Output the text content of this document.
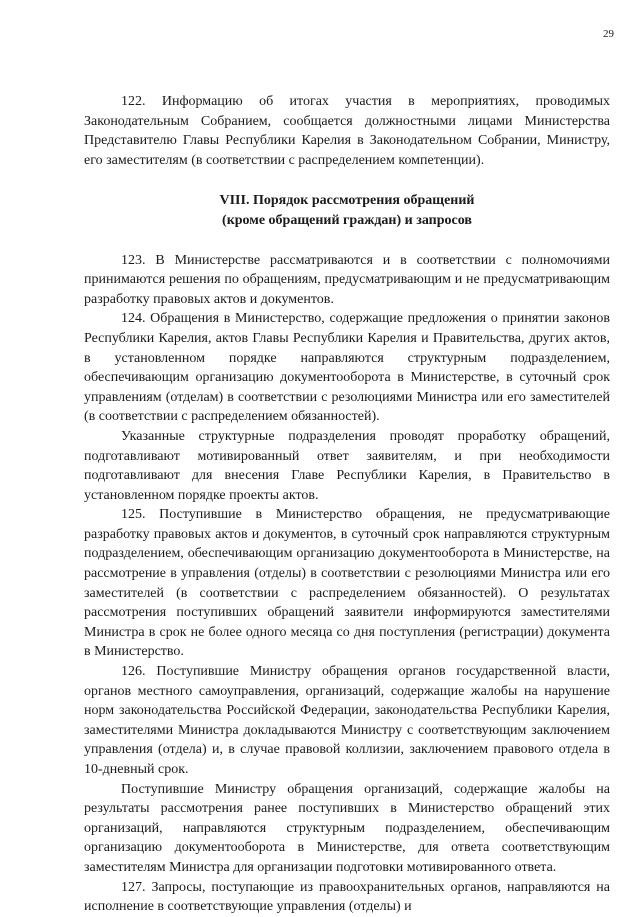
29

122. Информацию об итогах участия в мероприятиях, проводимых Законодательным Собранием, сообщается должностными лицами Министерства Представителю Главы Республики Карелия в Законодательном Собрании, Министру, его заместителям (в соответствии с распределением компетенции).

VIII. Порядок рассмотрения обращений
(кроме обращений граждан) и запросов

123. В Министерстве рассматриваются и в соответствии с полномочиями принимаются решения по обращениям, предусматривающим и не предусматривающим разработку правовых актов и документов.

124. Обращения в Министерство, содержащие предложения о принятии законов Республики Карелия, актов Главы Республики Карелия и Правительства, других актов, в установленном порядке направляются структурным подразделением, обеспечивающим организацию документооборота в Министерстве, в суточный срок управлениям (отделам) в соответствии с резолюциями Министра или его заместителей (в соответствии с распределением обязанностей).

Указанные структурные подразделения проводят проработку обращений, подготавливают мотивированный ответ заявителям, и при необходимости подготавливают для внесения Главе Республики Карелия, в Правительство в установленном порядке проекты актов.

125. Поступившие в Министерство обращения, не предусматривающие разработку правовых актов и документов, в суточный срок направляются структурным подразделением, обеспечивающим организацию документооборота в Министерстве, на рассмотрение в управления (отделы) в соответствии с резолюциями Министра или его заместителей (в соответствии с распределением обязанностей). О результатах рассмотрения поступивших обращений заявители информируются заместителями Министра в срок не более одного месяца со дня поступления (регистрации) документа в Министерство.

126. Поступившие Министру обращения органов государственной власти, органов местного самоуправления, организаций, содержащие жалобы на нарушение норм законодательства Российской Федерации, законодательства Республики Карелия, заместителями Министра докладываются Министру с соответствующим заключением управления (отдела) и, в случае правовой коллизии, заключением правового отдела в 10-дневный срок.

Поступившие Министру обращения организаций, содержащие жалобы на результаты рассмотрения ранее поступивших в Министерство обращений этих организаций, направляются структурным подразделением, обеспечивающим организацию документооборота в Министерстве, для ответа соответствующим заместителям Министра для организации подготовки мотивированного ответа.

127. Запросы, поступающие из правоохранительных органов, направляются на исполнение в соответствующие управления (отделы) и
